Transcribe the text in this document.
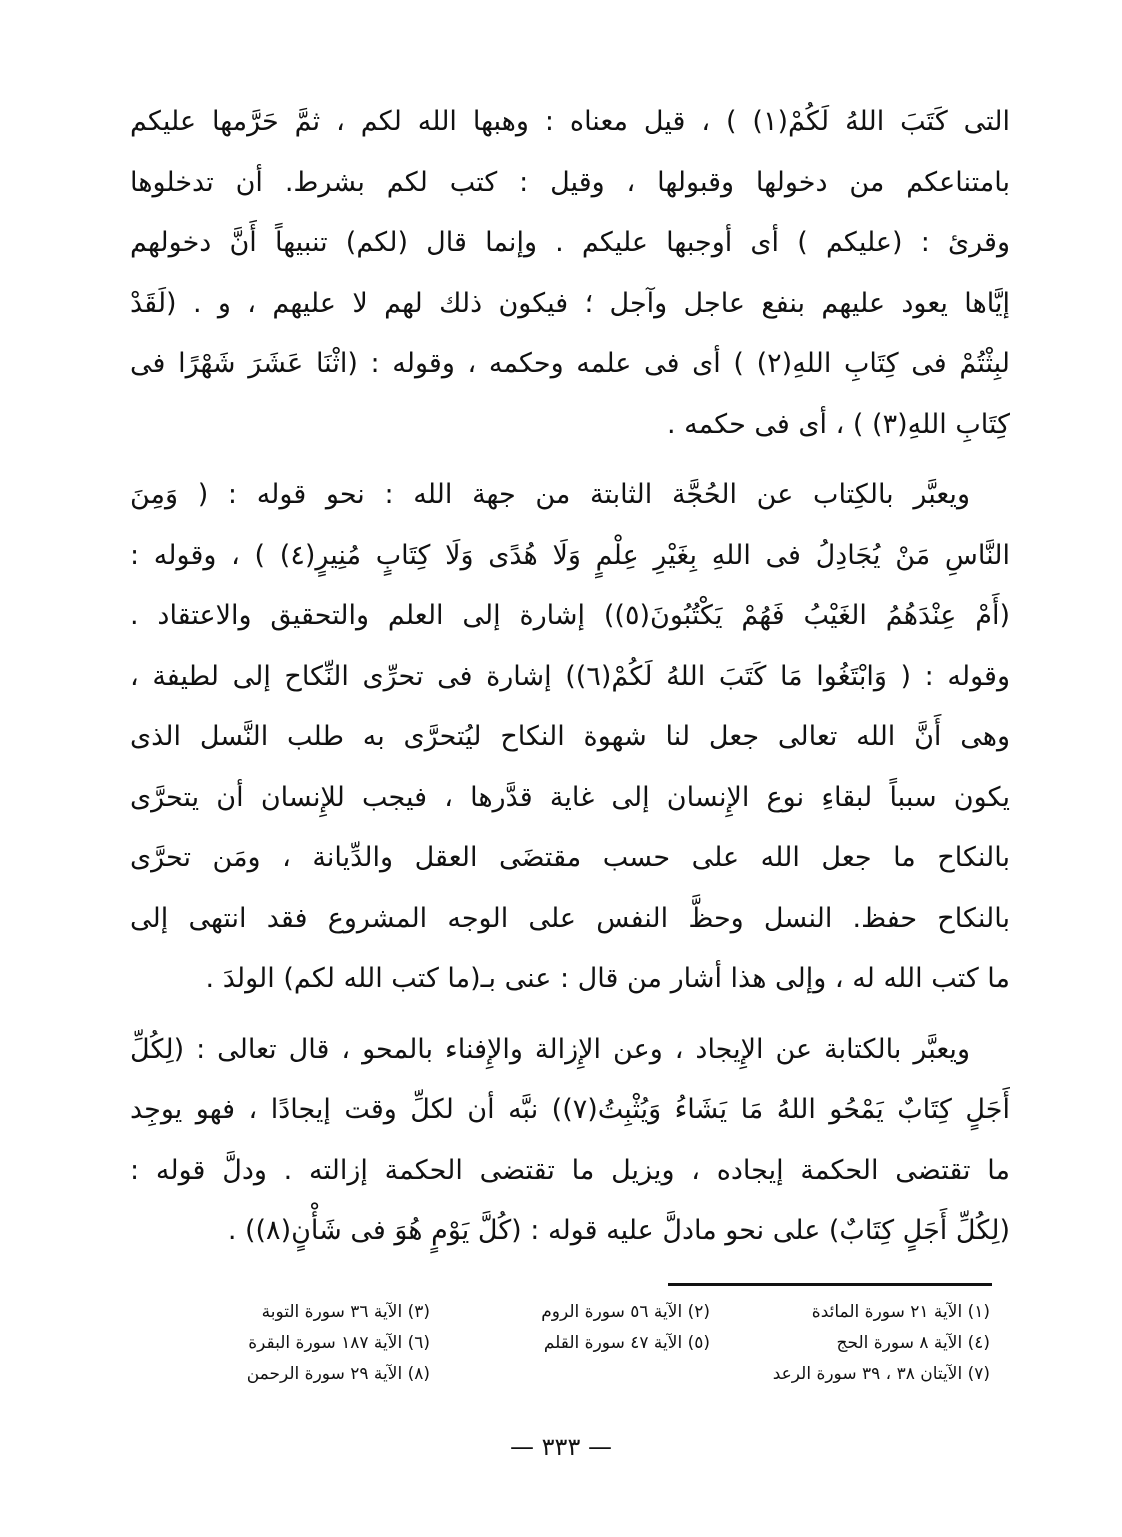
التى كَتَبَ اللهُ لَكُمْ(١) ) ، قيل معناه : وهبها الله لكم ، ثمَّ حَرَّمها عليكم
بامتناعكم من دخولها وقبولها ، وقيل : كتب لكم بشرط. أن تدخلوها
وقرئ : (عليكم ) أى أوجبها عليكم . وإنما قال (لكم) تنبيهاً أَنَّ دخولهم
إيَّاها يعود عليهم بنفع عاجل وآجل ؛ فيكون ذلك لهم لا عليهم ، و . (لَقَدْ
لبِثْتُمْ فى كِتَابِ اللهِ(٢) ) أى فى علمه وحكمه ، وقوله : (اثْنَا عَشَرَ شَهْرًا فى
كِتَابِ اللهِ(٣) ) ، أى فى حكمه .
ويعبَّر بالكِتاب عن الحُجَّة الثابتة من جهة الله : نحو قوله : ( وَمِنَ
النَّاسِ مَنْ يُجَادِلُ فى اللهِ بِغَيْرِ عِلْمٍ وَلَا هُدًى وَلَا كِتَابٍ مُنِيرٍ(٤) ) ، وقوله :
(أَمْ عِنْدَهُمُ الغَيْبُ فَهُمْ يَكْتُبُونَ(٥)) إشارة إلى العلم والتحقيق والاعتقاد .
وقوله : ( وَابْتَغُوا مَا كَتَبَ اللهُ لَكُمْ(٦)) إشارة فى تحرِّى النِّكاح إلى لطيفة ،
وهى أَنَّ الله تعالى جعل لنا شهوة النكاح ليُتحرَّى به طلب النَّسل الذى
يكون سبباً لبقاءِ نوع الإِنسان إلى غاية قدَّرها ، فيجب للإِنسان أن يتحرَّى
بالنكاح ما جعل الله على حسب مقتضَى العقل والدِّيانة ، ومَن تحرَّى
بالنكاح حفظ. النسل وحظَّ النفس على الوجه المشروع فقد انتهى إلى
ما كتب الله له ، وإلى هذا أشار من قال : عنى بـ(ما كتب الله لكم) الولدَ .
ويعبَّر بالكتابة عن الإِيجاد ، وعن الإِزالة والإِفناء بالمحو ، قال تعالى : (لِكُلِّ
أَجَلٍ كِتَابٌ يَمْحُو اللهُ مَا يَشَاءُ وَيُثْبِتُ(٧)) نبَّه أن لكلِّ وقت إيجادًا ، فهو يوجِد
ما تقتضى الحكمة إيجاده ، ويزيل ما تقتضى الحكمة إزالته . ودلَّ قوله :
(لِكُلِّ أَجَلٍ كِتَابٌ) على نحو مادلَّ عليه قوله : (كُلَّ يَوْمٍ هُوَ فى شَأْنٍ(٨)) .
(١) الآية ٢١ سورة المائدة
(٢) الآية ٥٦ سورة الروم
(٣) الآية ٣٦ سورة التوبة
(٤) الآية ٨ سورة الحج
(٥) الآية ٤٧ سورة القلم
(٦) الآية ١٨٧ سورة البقرة
(٧) الآيتان ٣٨ ، ٣٩ سورة الرعد
(٨) الآية ٢٩ سورة الرحمن
— ٣٣٣ —
